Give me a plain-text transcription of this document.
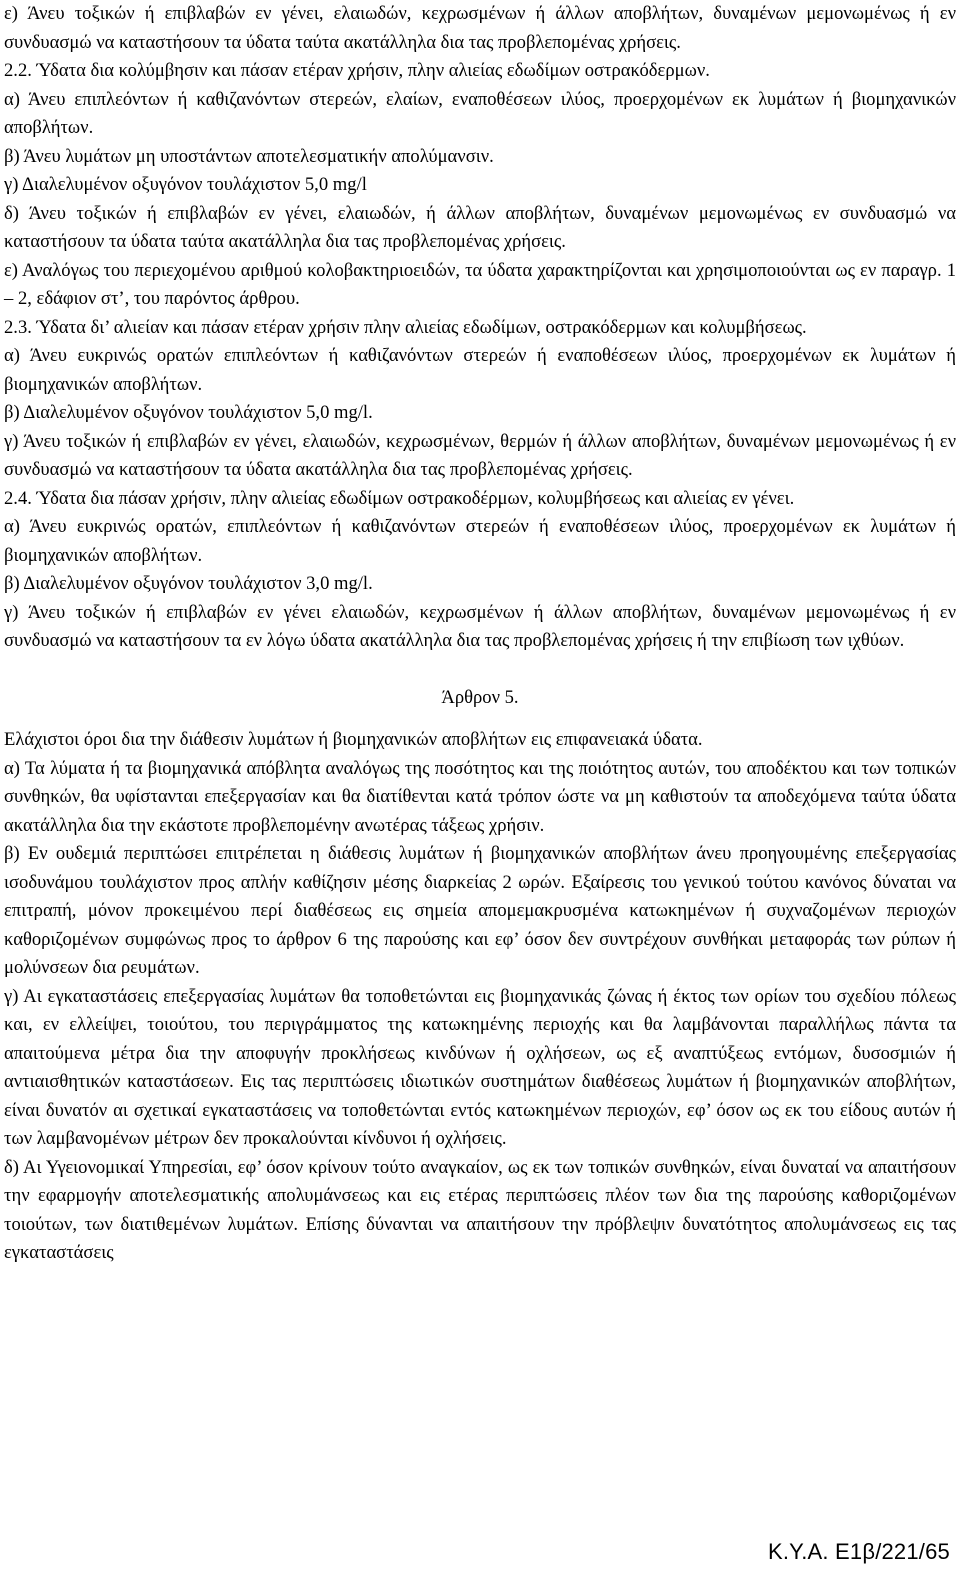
ε) Άνευ τοξικών ή επιβλαβών εν γένει, ελαιωδών, κεχρωσμένων ή άλλων αποβλήτων, δυναμένων μεμονωμένως ή εν συνδυασμώ να καταστήσουν τα ύδατα ταύτα ακατάλληλα δια τας προβλεπομένας χρήσεις.

2.2. Ύδατα δια κολύμβησιν και πάσαν ετέραν χρήσιν, πλην αλιείας εδωδίμων οστρακόδερμων.

α) Άνευ επιπλεόντων ή καθιζανόντων στερεών, ελαίων, εναποθέσεων ιλύος, προερχομένων εκ λυμάτων ή βιομηχανικών αποβλήτων.

β) Άνευ λυμάτων μη υποστάντων αποτελεσματικήν απολύμανσιν.

γ) Διαλελυμένον οξυγόνον τουλάχιστον 5,0 mg/l

δ) Άνευ τοξικών ή επιβλαβών εν γένει, ελαιωδών, ή άλλων αποβλήτων, δυναμένων μεμονωμένως εν συνδυασμώ να καταστήσουν τα ύδατα ταύτα ακατάλληλα δια τας προβλεπομένας χρήσεις.

ε) Αναλόγως του περιεχομένου αριθμού κολοβακτηριοειδών, τα ύδατα χαρακτηρίζονται και χρησιμοποιούνται ως εν παραγρ. 1 – 2, εδάφιον στ’, του παρόντος άρθρου.

2.3. Ύδατα δι’ αλιείαν και πάσαν ετέραν χρήσιν πλην αλιείας εδωδίμων, οστρακόδερμων και κολυμβήσεως.

α) Άνευ ευκρινώς ορατών επιπλεόντων ή καθιζανόντων στερεών ή εναποθέσεων ιλύος, προερχομένων εκ λυμάτων ή βιομηχανικών αποβλήτων.

β) Διαλελυμένον οξυγόνον τουλάχιστον 5,0 mg/l.

γ) Άνευ τοξικών ή επιβλαβών εν γένει, ελαιωδών, κεχρωσμένων, θερμών ή άλλων αποβλήτων, δυναμένων μεμονωμένως ή εν συνδυασμώ να καταστήσουν τα ύδατα ακατάλληλα δια τας προβλεπομένας χρήσεις.

2.4. Ύδατα δια πάσαν χρήσιν, πλην αλιείας εδωδίμων οστρακοδέρμων, κολυμβήσεως και αλιείας εν γένει.

α) Άνευ ευκρινώς ορατών, επιπλεόντων ή καθιζανόντων στερεών ή εναποθέσεων ιλύος, προερχομένων εκ λυμάτων ή βιομηχανικών αποβλήτων.

β) Διαλελυμένον οξυγόνον τουλάχιστον 3,0 mg/l.

γ) Άνευ τοξικών ή επιβλαβών εν γένει ελαιωδών, κεχρωσμένων ή άλλων αποβλήτων, δυναμένων μεμονωμένως ή εν συνδυασμώ να καταστήσουν τα εν λόγω ύδατα ακατάλληλα δια τας προβλεπομένας χρήσεις ή την επιβίωση των ιχθύων.

Άρθρον 5.

Ελάχιστοι όροι δια την διάθεσιν λυμάτων ή βιομηχανικών αποβλήτων εις επιφανειακά ύδατα.

α) Τα λύματα ή τα βιομηχανικά απόβλητα αναλόγως της ποσότητος και της ποιότητος αυτών, του αποδέκτου και των τοπικών συνθηκών, θα υφίστανται επεξεργασίαν και θα διατίθενται κατά τρόπον ώστε να μη καθιστούν τα αποδεχόμενα ταύτα ύδατα ακατάλληλα δια την εκάστοτε προβλεπομένην ανωτέρας τάξεως χρήσιν.

β) Εν ουδεμιά περιπτώσει επιτρέπεται η διάθεσις λυμάτων ή βιομηχανικών αποβλήτων άνευ προηγουμένης επεξεργασίας ισοδυνάμου τουλάχιστον προς απλήν καθίζησιν μέσης διαρκείας 2 ωρών. Εξαίρεσις του γενικού τούτου κανόνος δύναται να επιτραπή, μόνον προκειμένου περί διαθέσεως εις σημεία απομεμακρυσμένα κατωκημένων ή συχναζομένων περιοχών καθοριζομένων συμφώνως προς το άρθρον 6 της παρούσης και εφ’ όσον δεν συντρέχουν συνθήκαι μεταφοράς των ρύπων ή μολύνσεων δια ρευμάτων.

γ) Αι εγκαταστάσεις επεξεργασίας λυμάτων θα τοποθετώνται εις βιομηχανικάς ζώνας ή έκτος των ορίων του σχεδίου πόλεως και, εν ελλείψει, τοιούτου, του περιγράμματος της κατωκημένης περιοχής και θα λαμβάνονται παραλλήλως πάντα τα απαιτούμενα μέτρα δια την αποφυγήν προκλήσεως κινδύνων ή οχλήσεων, ως εξ αναπτύξεως εντόμων, δυσοσμιών ή αντιαισθητικών καταστάσεων. Εις τας περιπτώσεις ιδιωτικών συστημάτων διαθέσεως λυμάτων ή βιομηχανικών αποβλήτων, είναι δυνατόν αι σχετικαί εγκαταστάσεις να τοποθετώνται εντός κατωκημένων περιοχών, εφ’ όσον ως εκ του είδους αυτών ή των λαμβανομένων μέτρων δεν προκαλούνται κίνδυνοι ή οχλήσεις.

δ) Αι Υγειονομικαί Υπηρεσίαι, εφ’ όσον κρίνουν τούτο αναγκαίον, ως εκ των τοπικών συνθηκών, είναι δυναταί να απαιτήσουν την εφαρμογήν αποτελεσματικής απολυμάνσεως και εις ετέρας περιπτώσεις πλέον των δια της παρούσης καθοριζομένων τοιούτων, των διατιθεμένων λυμάτων. Επίσης δύνανται να απαιτήσουν την πρόβλεψιν δυνατότητος απολυμάνσεως εις τας εγκαταστάσεις

Κ.Υ.Α. Ε1β/221/65
